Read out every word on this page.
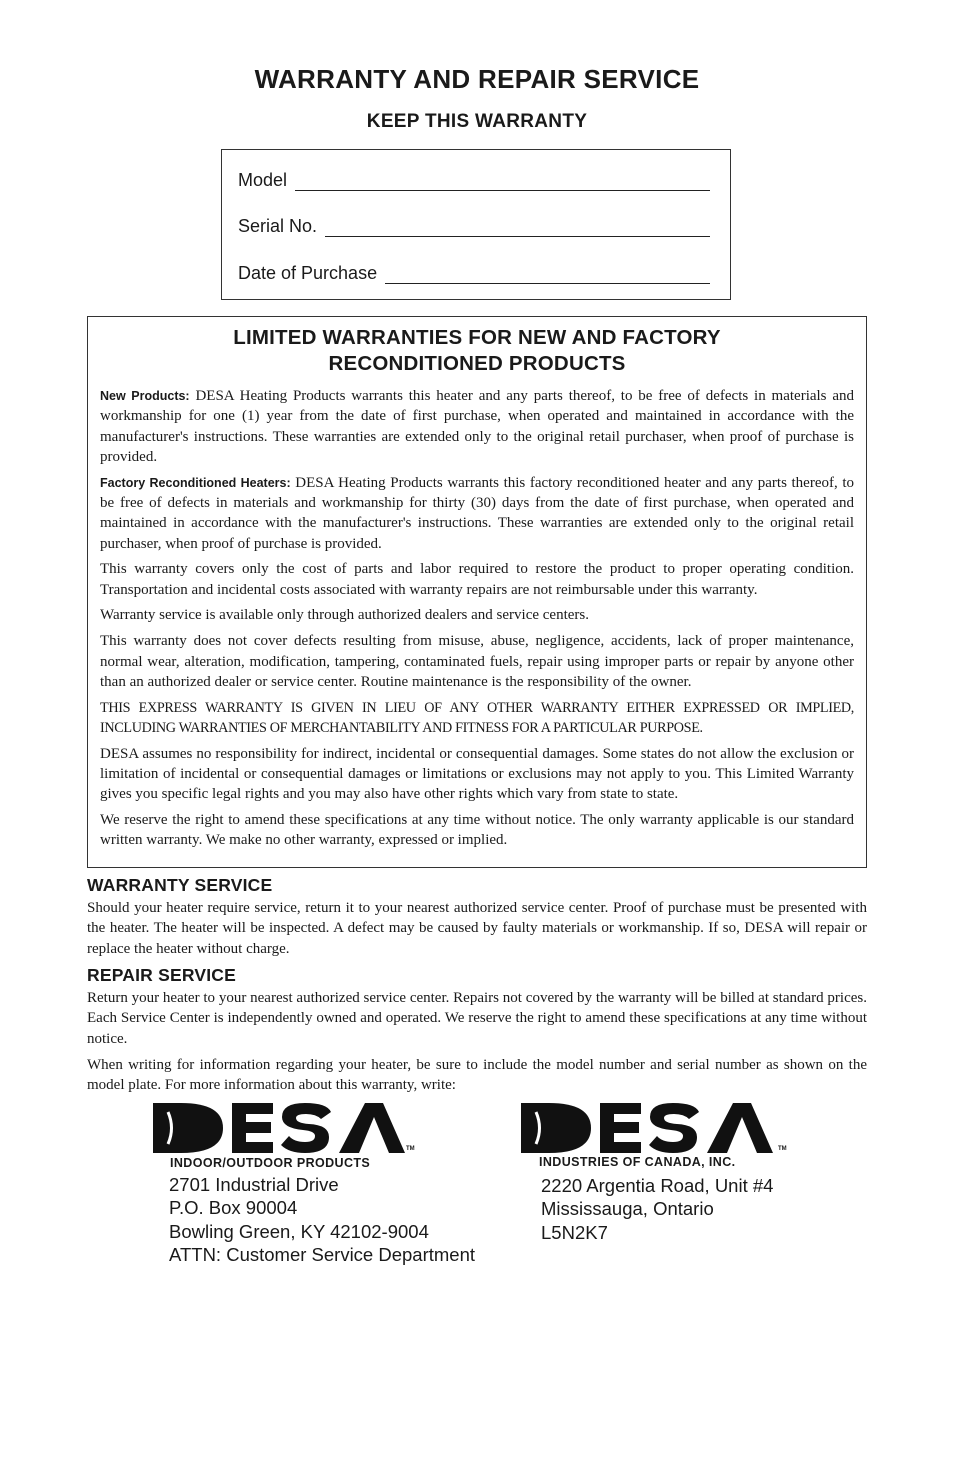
WARRANTY AND REPAIR SERVICE
KEEP THIS WARRANTY
Model
Serial No.
Date of Purchase
LIMITED WARRANTIES FOR NEW AND FACTORY
RECONDITIONED PRODUCTS

New Products: DESA Heating Products warrants this heater and any parts thereof, to be free of defects in materials and workmanship for one (1) year from the date of first purchase, when operated and maintained in accordance with the manufacturer's instructions. These warranties are extended only to the original retail purchaser, when proof of purchase is provided.

Factory Reconditioned Heaters: DESA Heating Products warrants this factory reconditioned heater and any parts thereof, to be free of defects in materials and workmanship for thirty (30) days from the date of first purchase, when operated and maintained in accordance with the manufacturer's instructions. These warranties are extended only to the original retail purchaser, when proof of purchase is provided.

This warranty covers only the cost of parts and labor required to restore the product to proper operating condition. Transportation and incidental costs associated with warranty repairs are not reimbursable under this warranty.

Warranty service is available only through authorized dealers and service centers.

This warranty does not cover defects resulting from misuse, abuse, negligence, accidents, lack of proper maintenance, normal wear, alteration, modification, tampering, contaminated fuels, repair using improper parts or repair by anyone other than an authorized dealer or service center. Routine maintenance is the responsibility of the owner.

THIS EXPRESS WARRANTY IS GIVEN IN LIEU OF ANY OTHER WARRANTY EITHER EXPRESSED OR IMPLIED, INCLUDING WARRANTIES OF MERCHANTABILITY AND FITNESS FOR A PARTICULAR PURPOSE.

DESA assumes no responsibility for indirect, incidental or consequential damages. Some states do not allow the exclusion or limitation of incidental or consequential damages or limitations or exclusions may not apply to you. This Limited Warranty gives you specific legal rights and you may also have other rights which vary from state to state.

We reserve the right to amend these specifications at any time without notice. The only warranty applicable is our standard written warranty. We make no other warranty, expressed or implied.

WARRANTY SERVICE

Should your heater require service, return it to your nearest authorized service center. Proof of purchase must be presented with the heater. The heater will be inspected. A defect may be caused by faulty materials or workmanship. If so, DESA will repair or replace the heater without charge.

REPAIR SERVICE

Return your heater to your nearest authorized service center. Repairs not covered by the warranty will be billed at standard prices. Each Service Center is independently owned and operated. We reserve the right to amend these specifications at any time without notice.

When writing for information regarding your heater, be sure to include the model number and serial number as shown on the model plate. For more information about this warranty, write:

TM
INDOOR/OUTDOOR PRODUCTS
2701 Industrial Drive
P.O. Box 90004
Bowling Green, KY 42102-9004
ATTN: Customer Service Department
TM
INDUSTRIES OF CANADA, INC.
2220 Argentia Road, Unit #4
Mississauga, Ontario
L5N2K7
